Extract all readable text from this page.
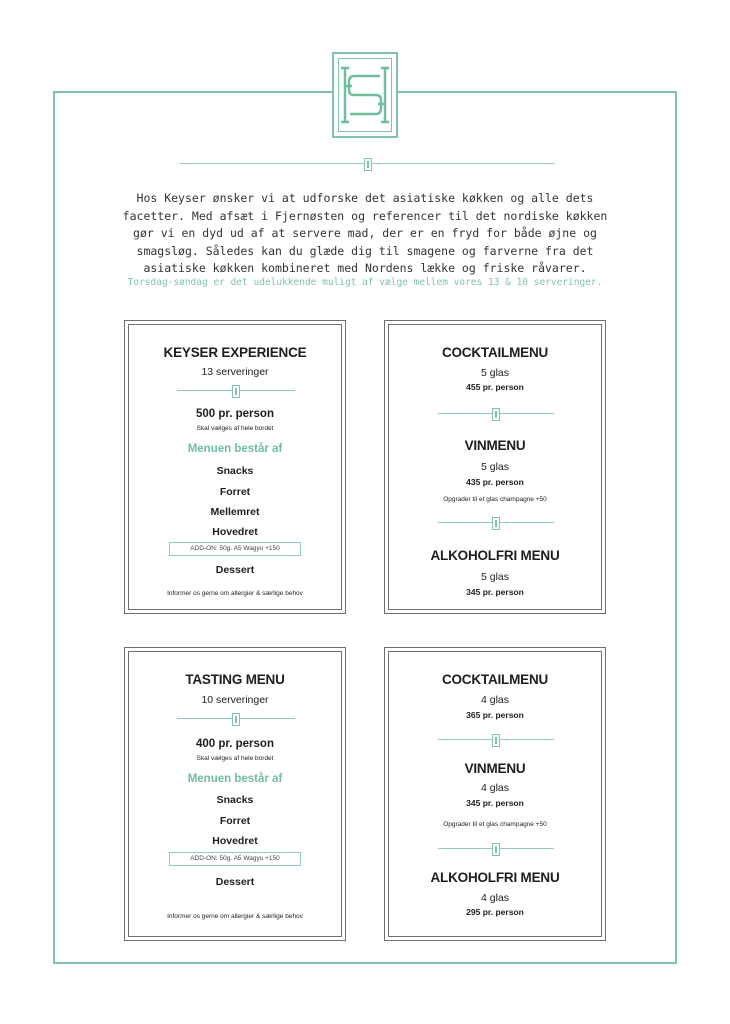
Hos Keyser ønsker vi at udforske det asiatiske køkken og alle dets facetter. Med afsæt i Fjernøsten og referencer til det nordiske køkken gør vi en dyd ud af at servere mad, der er en fryd for både øjne og smagsløg. Således kan du glæde dig til smagene og farverne fra det asiatiske køkken kombineret med Nordens lække og friske råvarer.

Torsdag-søndag er det udelukkende muligt af vælge mellem vores 13 & 10 serveringer.

KEYSER EXPERIENCE
13 serveringer
500 pr. person
Skal vælges af hele bordet
Menuen består af
Snacks
Forret
Mellemret
Hovedret
ADD-ON: 50g. A5 Wagyu +150
Dessert
Informer os gerne om allergier & særlige behov
COCKTAILMENU
5 glas
455 pr. person
VINMENU
5 glas
435 pr. person
Opgrader til et glas champagne +50
ALKOHOLFRI MENU
5 glas
345 pr. person
TASTING MENU
10 serveringer
400 pr. person
Skal vælges af hele bordet
Menuen består af
Snacks
Forret
Hovedret
ADD-ON: 50g. A5 Wagyu +150
Dessert
Informer os gerne om allergier & særlige behov
COCKTAILMENU
4 glas
365 pr. person
VINMENU
4 glas
345 pr. person
Opgrader til et glas champagne +50
ALKOHOLFRI MENU
4 glas
295 pr. person
